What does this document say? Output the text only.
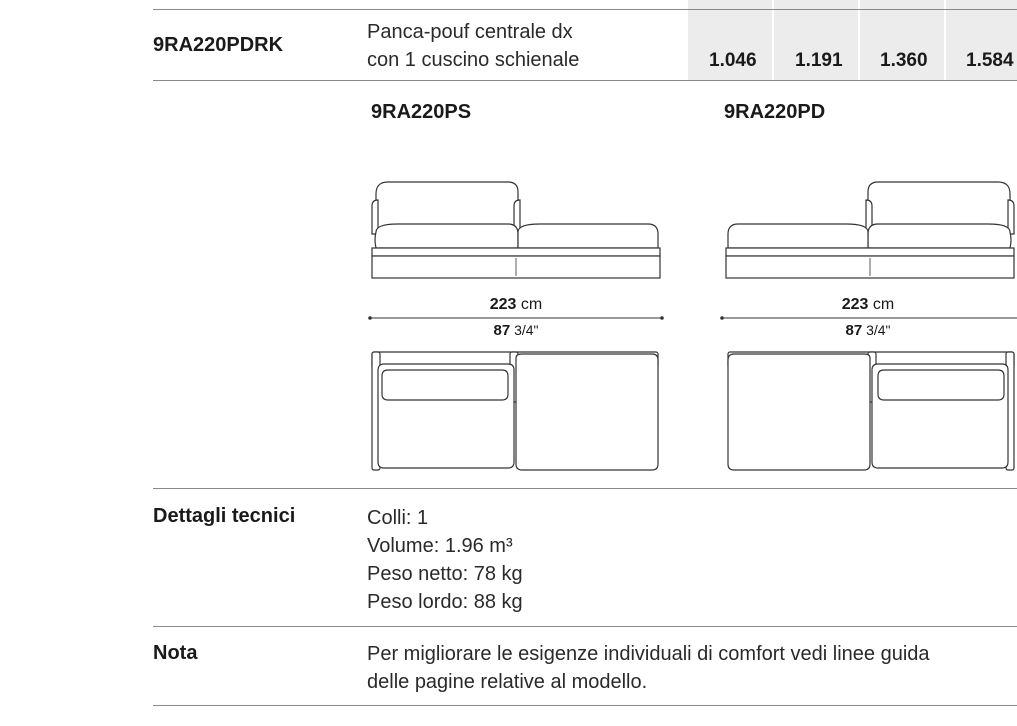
9RA220PDRK
Panca-pouf centrale dx
con 1 cuscino schienale	1.046 1.191 1.360 1.584
9RA220PS	9RA220PD
223 cm
87 3/4"
223 cm
87 3/4"
Dettagli tecnici	Colli: 1
Volume: 1.96 m³
Peso netto: 78 kg
Peso lordo: 88 kg
Nota	Per migliorare le esigenze individuali di comfort vedi linee guida
delle pagine relative al modello.
